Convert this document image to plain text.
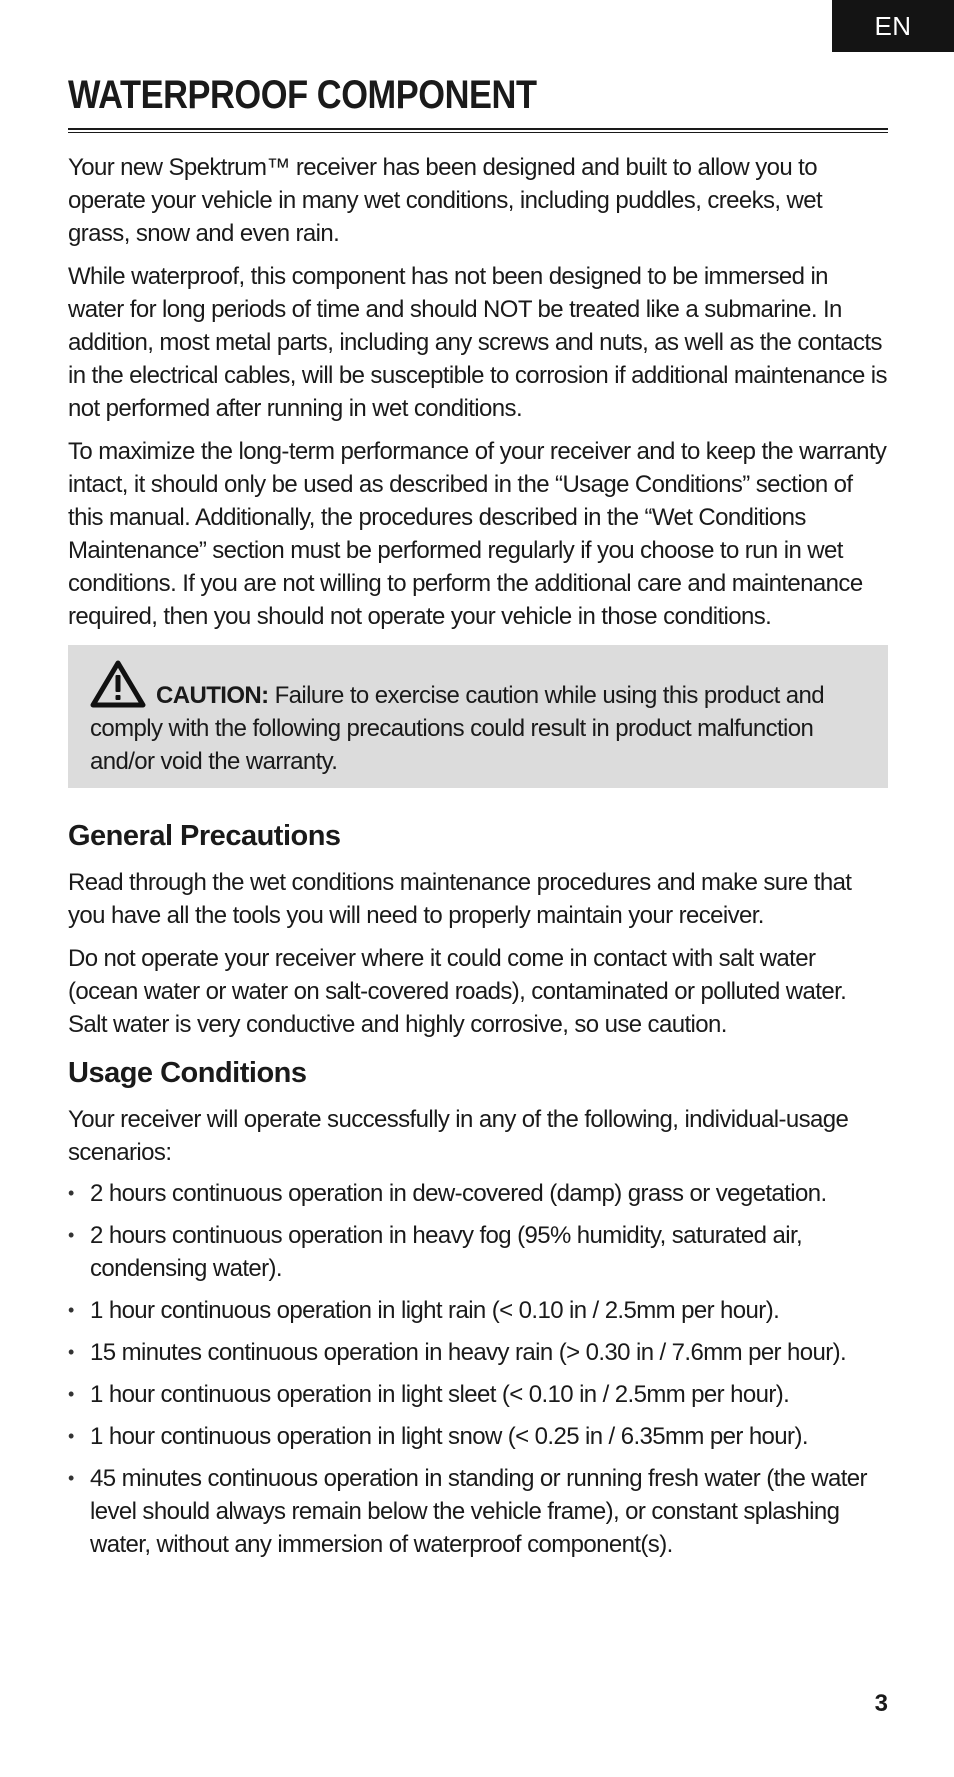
EN
WATERPROOF COMPONENT

Your new Spektrum™ receiver has been designed and built to allow you to operate your vehicle in many wet conditions, including puddles, creeks, wet grass, snow and even rain.

While waterproof, this component has not been designed to be immersed in water for long periods of time and should NOT be treated like a submarine. In addition, most metal parts, including any screws and nuts, as well as the contacts in the electrical cables, will be susceptible to corrosion if additional maintenance is not performed after running in wet conditions.

To maximize the long-term performance of your receiver and to keep the warranty intact, it should only be used as described in the “Usage Conditions” section of this manual. Additionally, the procedures described in the “Wet Conditions Maintenance” section must be performed regularly if you choose to run in wet conditions. If you are not willing to perform the additional care and maintenance required, then you should not operate your vehicle in those conditions.

CAUTION: Failure to exercise caution while using this product and comply with the following precautions could result in product malfunction and/or void the warranty.

General Precautions

Read through the wet conditions maintenance procedures and make sure that you have all the tools you will need to properly maintain your receiver.

Do not operate your receiver where it could come in contact with salt water (ocean water or water on salt-covered roads), contaminated or polluted water. Salt water is very conductive and highly corrosive, so use caution.

Usage Conditions

Your receiver will operate successfully in any of the following, individual-usage scenarios:

• 2 hours continuous operation in dew-covered (damp) grass or vegetation.
• 2 hours continuous operation in heavy fog (95% humidity, saturated air, condensing water).
• 1 hour continuous operation in light rain (< 0.10 in / 2.5mm per hour).
• 15 minutes continuous operation in heavy rain (> 0.30 in / 7.6mm per hour).
• 1 hour continuous operation in light sleet (< 0.10 in / 2.5mm per hour).
• 1 hour continuous operation in light snow (< 0.25 in / 6.35mm per hour).
• 45 minutes continuous operation in standing or running fresh water (the water level should always remain below the vehicle frame), or constant splashing water, without any immersion of waterproof component(s).
3
